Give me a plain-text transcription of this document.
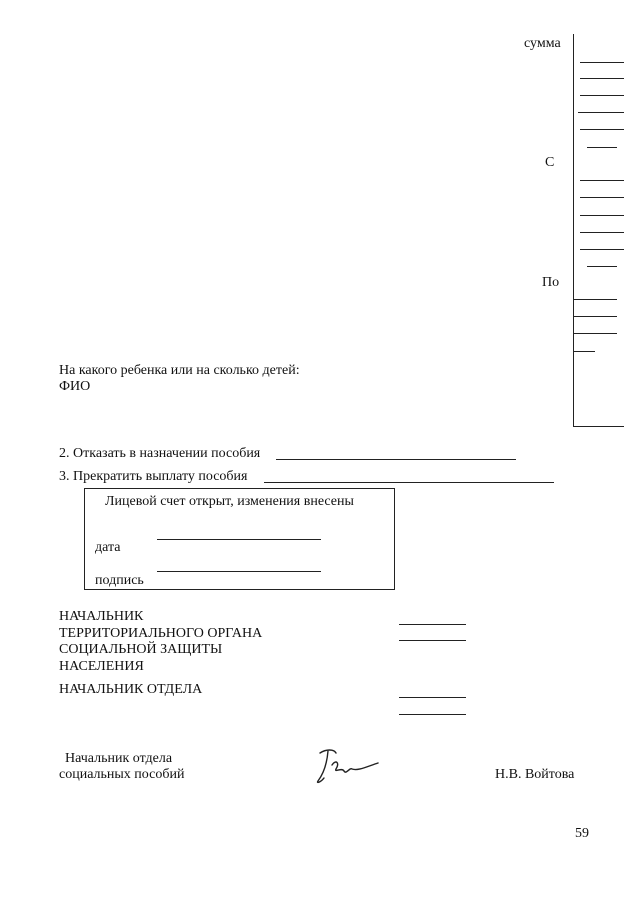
сумма
С
По
На какого ребенка или на сколько детей:
ФИО
2. Отказать в назначении пособия
3. Прекратить выплату пособия
Лицевой счет открыт, изменения внесены
дата
подпись
НАЧАЛЬНИК
ТЕРРИТОРИАЛЬНОГО ОРГАНА
СОЦИАЛЬНОЙ ЗАЩИТЫ
НАСЕЛЕНИЯ
НАЧАЛЬНИК ОТДЕЛА
Начальник отдела
социальных пособий	Н.В. Войтова
59
